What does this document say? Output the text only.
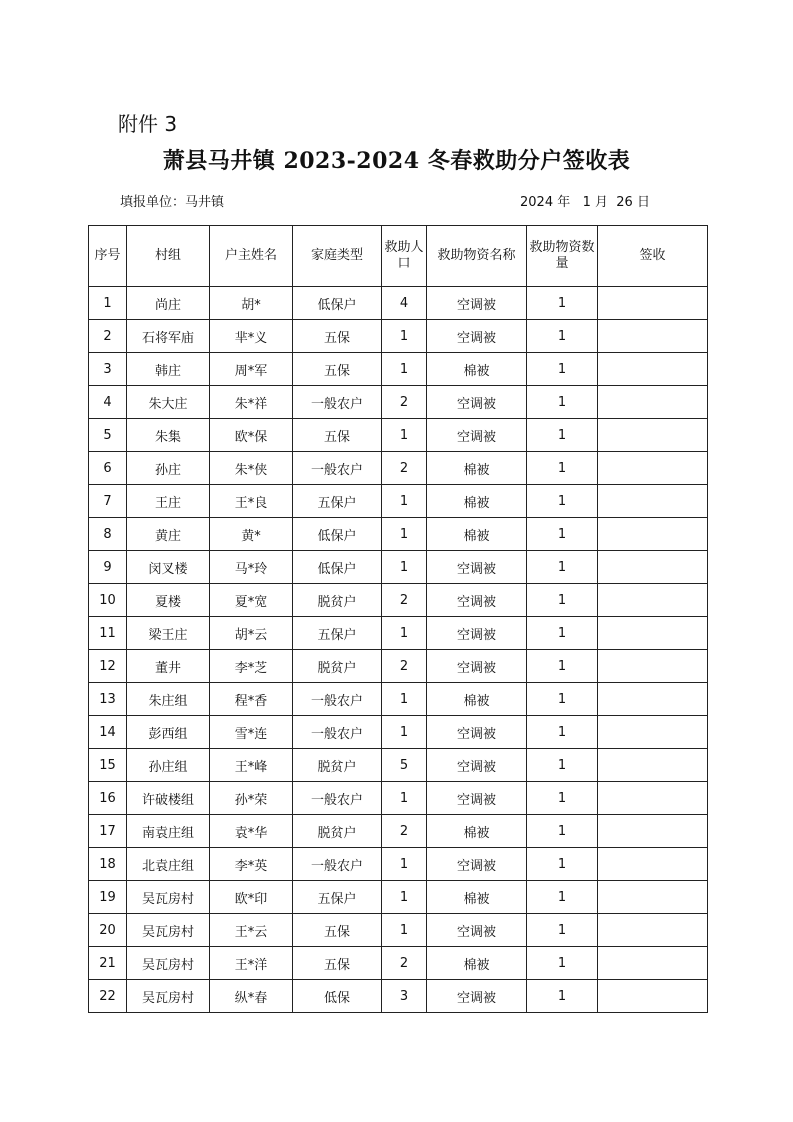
附件 3
萧县马井镇 2023-2024 冬春救助分户签收表
填报单位：马井镇	2024 年   1 月  26 日
序号	村组	户主姓名	家庭类型	救助人口	救助物资名称	救助物资数量	签收
1	尚庄	胡*	低保户	4	空调被	1	
2	石将军庙	芈*义	五保	1	空调被	1	
3	韩庄	周*军	五保	1	棉被	1	
4	朱大庄	朱*祥	一般农户	2	空调被	1	
5	朱集	欧*保	五保	1	空调被	1	
6	孙庄	朱*侠	一般农户	2	棉被	1	
7	王庄	王*良	五保户	1	棉被	1	
8	黄庄	黄*	低保户	1	棉被	1	
9	闵叉楼	马*玲	低保户	1	空调被	1	
10	夏楼	夏*宽	脱贫户	2	空调被	1	
11	梁王庄	胡*云	五保户	1	空调被	1	
12	董井	李*芝	脱贫户	2	空调被	1	
13	朱庄组	程*香	一般农户	1	棉被	1	
14	彭西组	雪*连	一般农户	1	空调被	1	
15	孙庄组	王*峰	脱贫户	5	空调被	1	
16	许破楼组	孙*荣	一般农户	1	空调被	1	
17	南袁庄组	袁*华	脱贫户	2	棉被	1	
18	北袁庄组	李*英	一般农户	1	空调被	1	
19	吴瓦房村	欧*印	五保户	1	棉被	1	
20	吴瓦房村	王*云	五保	1	空调被	1	
21	吴瓦房村	王*洋	五保	2	棉被	1	
22	吴瓦房村	纵*春	低保	3	空调被	1	
